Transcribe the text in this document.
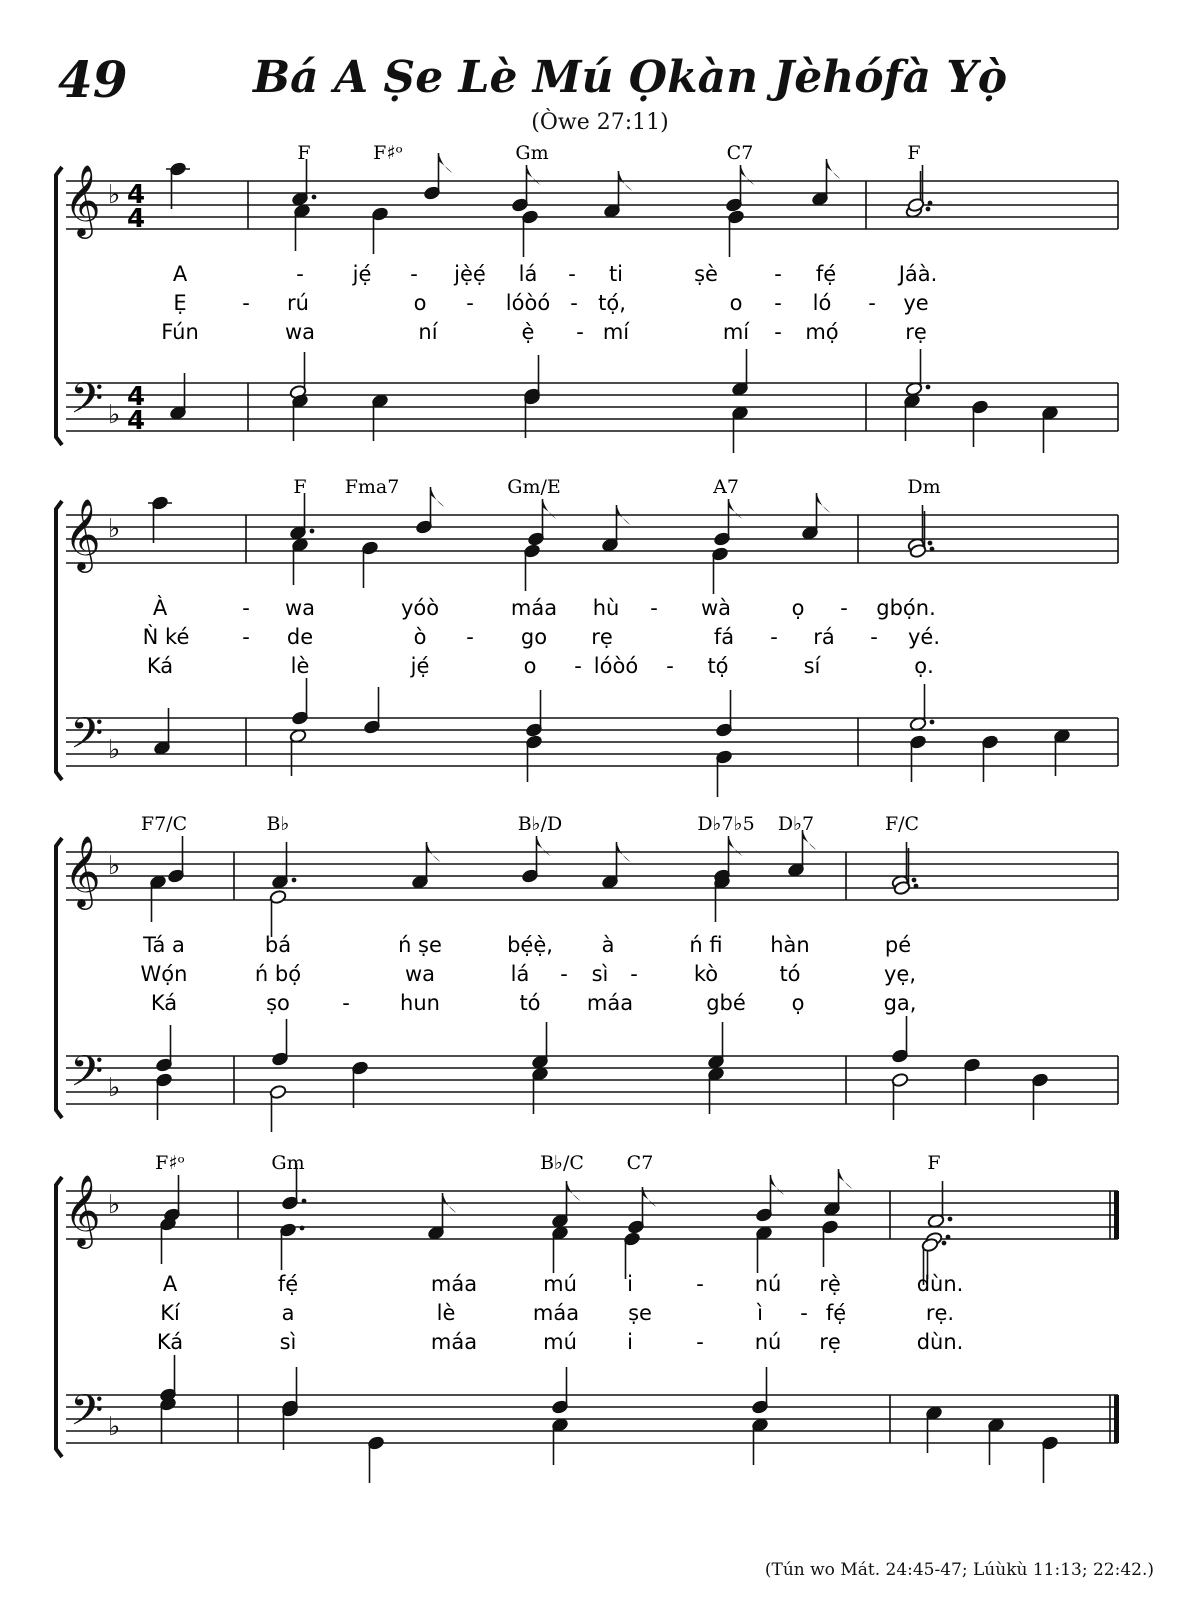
49	Bá A Ṣe Lè Mú Ọkàn Jèhófà Yọ̀
(Òwe 27:11)
𝄞
𝄢
♭
♭
4
4
4
4
F	F♯ᵒ	Gm	C7	F
A	- jẹ́ - jẹ̀ẹ́ lá - ti	ṣè	- fẹ́	Jáà.
Ẹ	- rú	o - lóòó - tọ́,	o - ló - ye
Fún	wa	ní	ẹ̀ - mí	mí - mọ́	rẹ
𝄞
𝄢
♭
♭
F Fma7	Gm/E	A7	Dm
À	- wa	yóò	máa hù - wà	ọ - gbọ́n.
Ǹ ké	- de	ò - go rẹ	fá - rá - yé.
Ká	lè	jẹ́	o - lóòó - tọ́	sí	ọ.
𝄞
𝄢
♭
♭
F7/C	B♭	B♭/D	D♭7♭5 D♭7	F/C
Tá a	bá	ń ṣe	bẹ́ẹ̀, à	ń fi hàn	pé
Wọ́n	ń bọ́	wa	lá - sì -	kò	tó	yẹ,
Ká	ṣo - hun	tó máa	gbé ọ	ga,
𝄞
𝄢
♭
♭
F♯ᵒ	Gm	B♭/C C7	F
A	fẹ́	máa	mú i	- nú rẹ̀	dùn.
Kí	a	lè	máa ṣe	ì - fẹ́	rẹ.
Ká	sì	máa	mú i	- nú rẹ	dùn.
(Tún wo Mát. 24:45-47; Lúùkù 11:13; 22:42.)
